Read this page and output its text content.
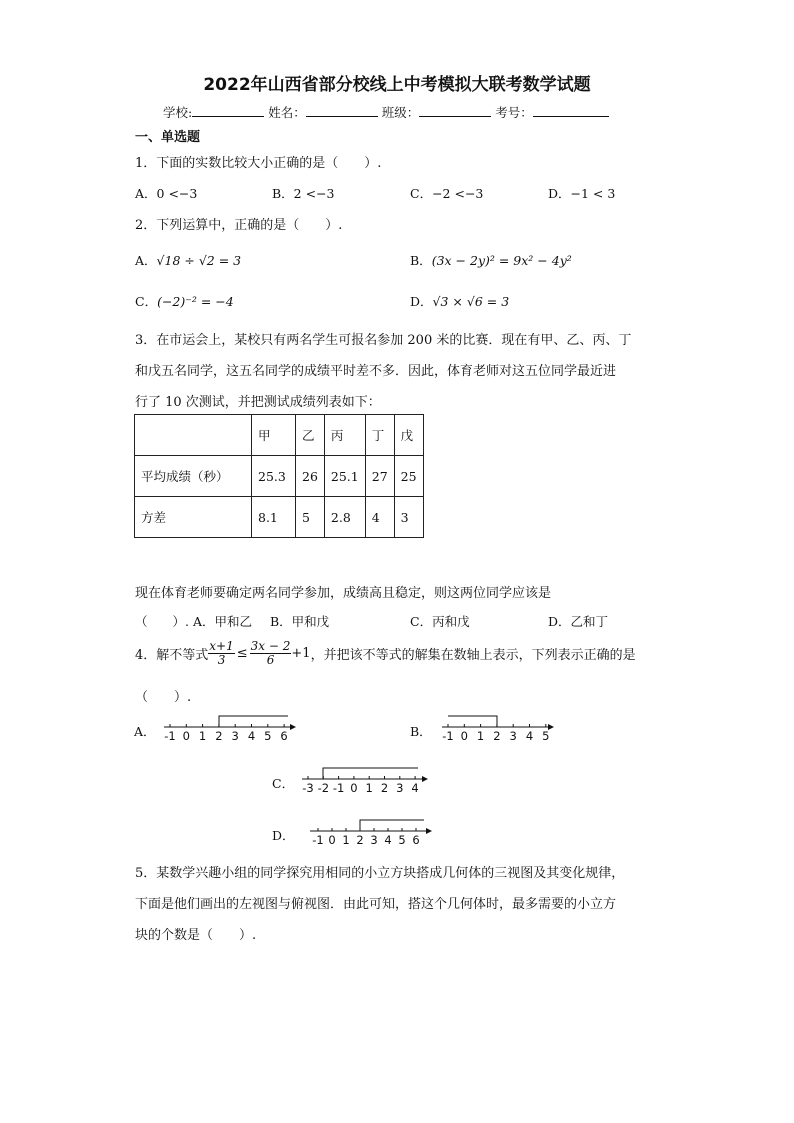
2022年山西省部分校线上中考模拟大联考数学试题
学校:	姓名：	班级：	考号：
一、单选题
1．下面的实数比较大小正确的是（　　）.
A．0 <−3	B．2 <−3	C．−2 <−3	D．−1 < 3
2．下列运算中，正确的是（　　）.
A．√18 ÷ √2 = 3	B．(3x − 2y)² = 9x² − 4y²
C．(−2)⁻² = −4	D．√3 × √6 = 3
3．在市运会上，某校只有两名学生可报名参加 200 米的比赛．现在有甲、乙、丙、丁
和戊五名同学，这五名同学的成绩平时差不多．因此，体育老师对这五位同学最近进
行了 10 次测试，并把测试成绩列表如下：
	甲	乙	丙	丁	戊
平均成绩（秒）	25.3	26	25.1	27	25
方差	8.1	5	2.8	4	3
现在体育老师要确定两名同学参加，成绩高且稳定，则这两位同学应该是
（　　）. A．甲和乙 B．甲和戊	C．丙和戊	D．乙和丁
4．解不等式 $\frac{x+1}{3} \le \frac{3x - 2}{6} +1$ ，并把该不等式的解集在数轴上表示，下列表示正确的是
（　　）.
A．	B．
C．
D．
-1 0 1 2 3 4 5 6	-1 0 1 2 3 4 5
-3 -2 -1 0 1 2 3 4
-1 0 1 2 3 4 5 6
5．某数学兴趣小组的同学探究用相同的小立方块搭成几何体的三视图及其变化规律，
下面是他们画出的左视图与俯视图．由此可知，搭这个几何体时，最多需要的小立方
块的个数是（　　）.
